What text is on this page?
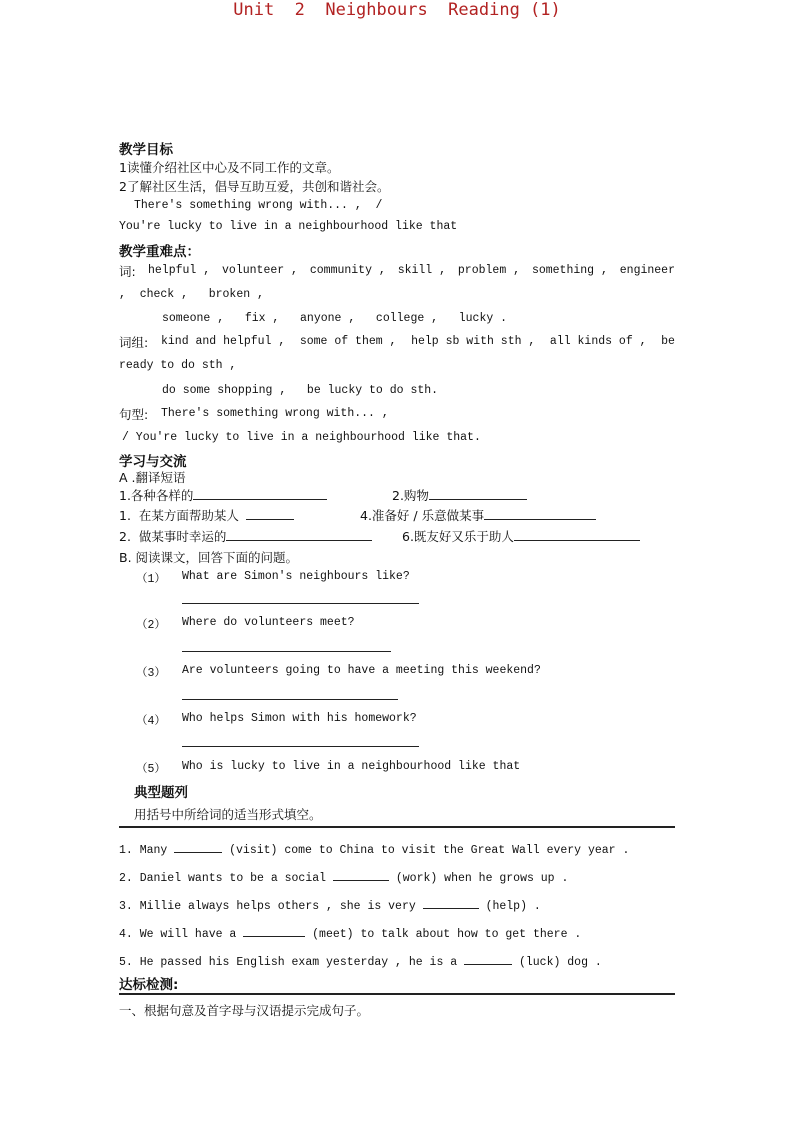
Unit  2  Neighbours  Reading (1)
教学目标
1读懂介绍社区中心及不同工作的文章。
2了解社区生活，倡导互助互爱，共创和谐社会。
There's something wrong with... ,  /
You're lucky to live in a neighbourhood like that
教学重难点：
词: helpful , volunteer , community , skill , problem , something , engineer
,  check ,   broken ,
someone ,   fix ,   anyone ,   college ,   lucky .
词组: kind and helpful , some of them , help sb with sth , all kinds of , be
ready to do sth ,
do some shopping ,   be lucky to do sth.
句型: There's something wrong with... ,
/ You're lucky to live in a neighbourhood like that.
学习与交流
A .翻译短语
1.各种各样的	2.购物
1.  在某方面帮助某人	4.准备好 / 乐意做某事
2.  做某事时幸运的	6.既友好又乐于助人
B. 阅读课文，回答下面的问题。
（1） What are Simon's neighbours like?
（2） Where do volunteers meet?
（3） Are volunteers going to have a meeting this weekend?
（4） Who helps Simon with his homework?
（5） Who is lucky to live in a neighbourhood like that
典型题列
用括号中所给词的适当形式填空。
1. Many	(visit) come to China to visit the Great Wall every year .
2. Daniel wants to be a social	(work) when he grows up .
3. Millie always helps others , she is very	(help) .
4. We will have a	(meet) to talk about how to get there .
5. He passed his English exam yesterday , he is a	(luck) dog .
达标检测:
一、根据句意及首字母与汉语提示完成句子。
